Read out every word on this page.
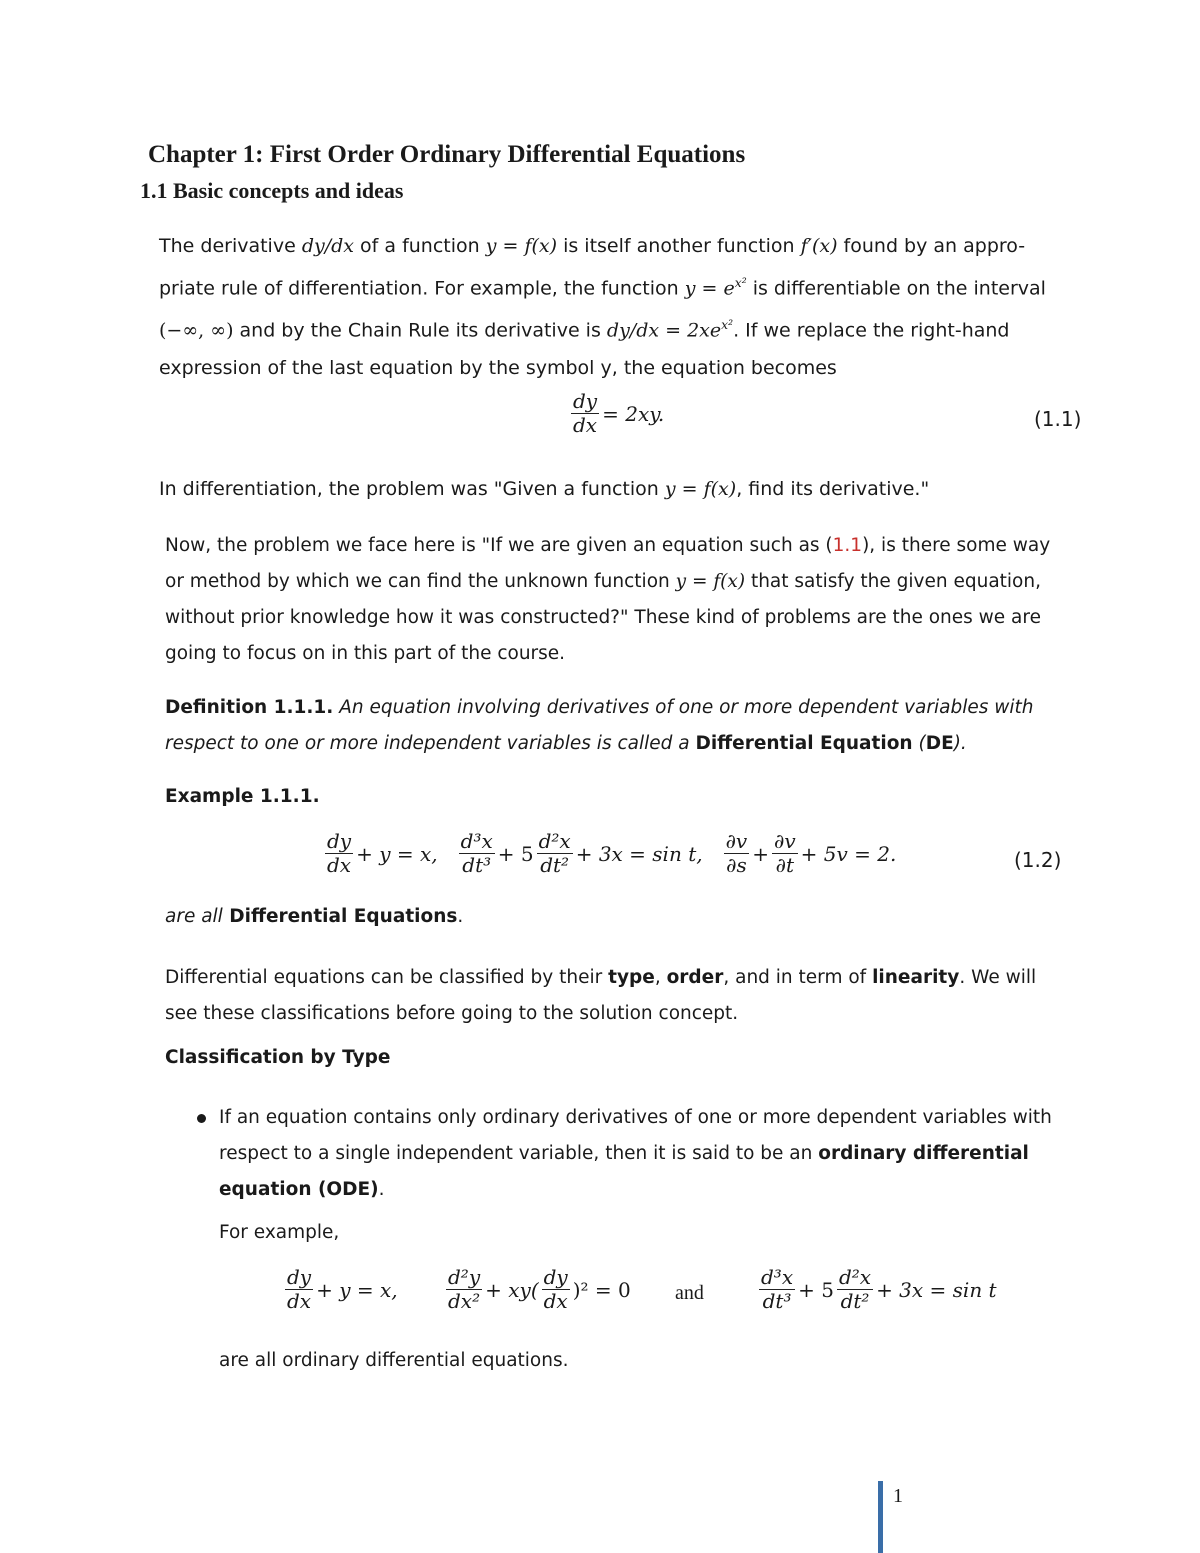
Chapter 1: First Order Ordinary Differential Equations
1.1 Basic concepts and ideas
The derivative dy/dx of a function y = f(x) is itself another function f′(x) found by an appro-
priate rule of differentiation. For example, the function $y = e^{x^2}$ is differentiable on the interval
(−∞, ∞) and by the Chain Rule its derivative is $dy/dx = 2xe^{x^2}$. If we replace the right-hand
expression of the last equation by the symbol y, the equation becomes
$\frac{dy}{dx} = 2xy$.	(1.1)
In differentiation, the problem was "Given a function y = f(x), find its derivative."
Now, the problem we face here is "If we are given an equation such as (1.1), is there some way
or method by which we can find the unknown function y = f(x) that satisfy the given equation,
without prior knowledge how it was constructed?" These kind of problems are the ones we are
going to focus on in this part of the course.
Definition 1.1.1. An equation involving derivatives of one or more dependent variables with
respect to one or more independent variables is called a Differential Equation (DE).
Example 1.1.1.
$\frac{dy}{dx} + y = x$, $\frac{\text{d³x}}{\text{dt³}} + 5 \frac{\text{d²x}}{\text{dt²}} + 3x = \sin t$, $\frac{\partial v}{\partial s} + \frac{\partial v}{\partial t} + 5v = 2$.	(1.2)
are all Differential Equations.
Differential equations can be classified by their type, order, and in term of linearity. We will
see these classifications before going to the solution concept.
Classification by Type
If an equation contains only ordinary derivatives of one or more dependent variables with
respect to a single independent variable, then it is said to be an ordinary differential
equation (ODE).
For example,
$\frac{dy}{dx} + y = x$, $\frac{\text{d²y}}{\text{dx²}} + xy( \frac{dy}{dx} )^2 = 0$ and	$\frac{\text{d³x}}{\text{dt³}} + 5 \frac{\text{d²x}}{\text{dt²}} + 3x = \sin t$
are all ordinary differential equations.
1
